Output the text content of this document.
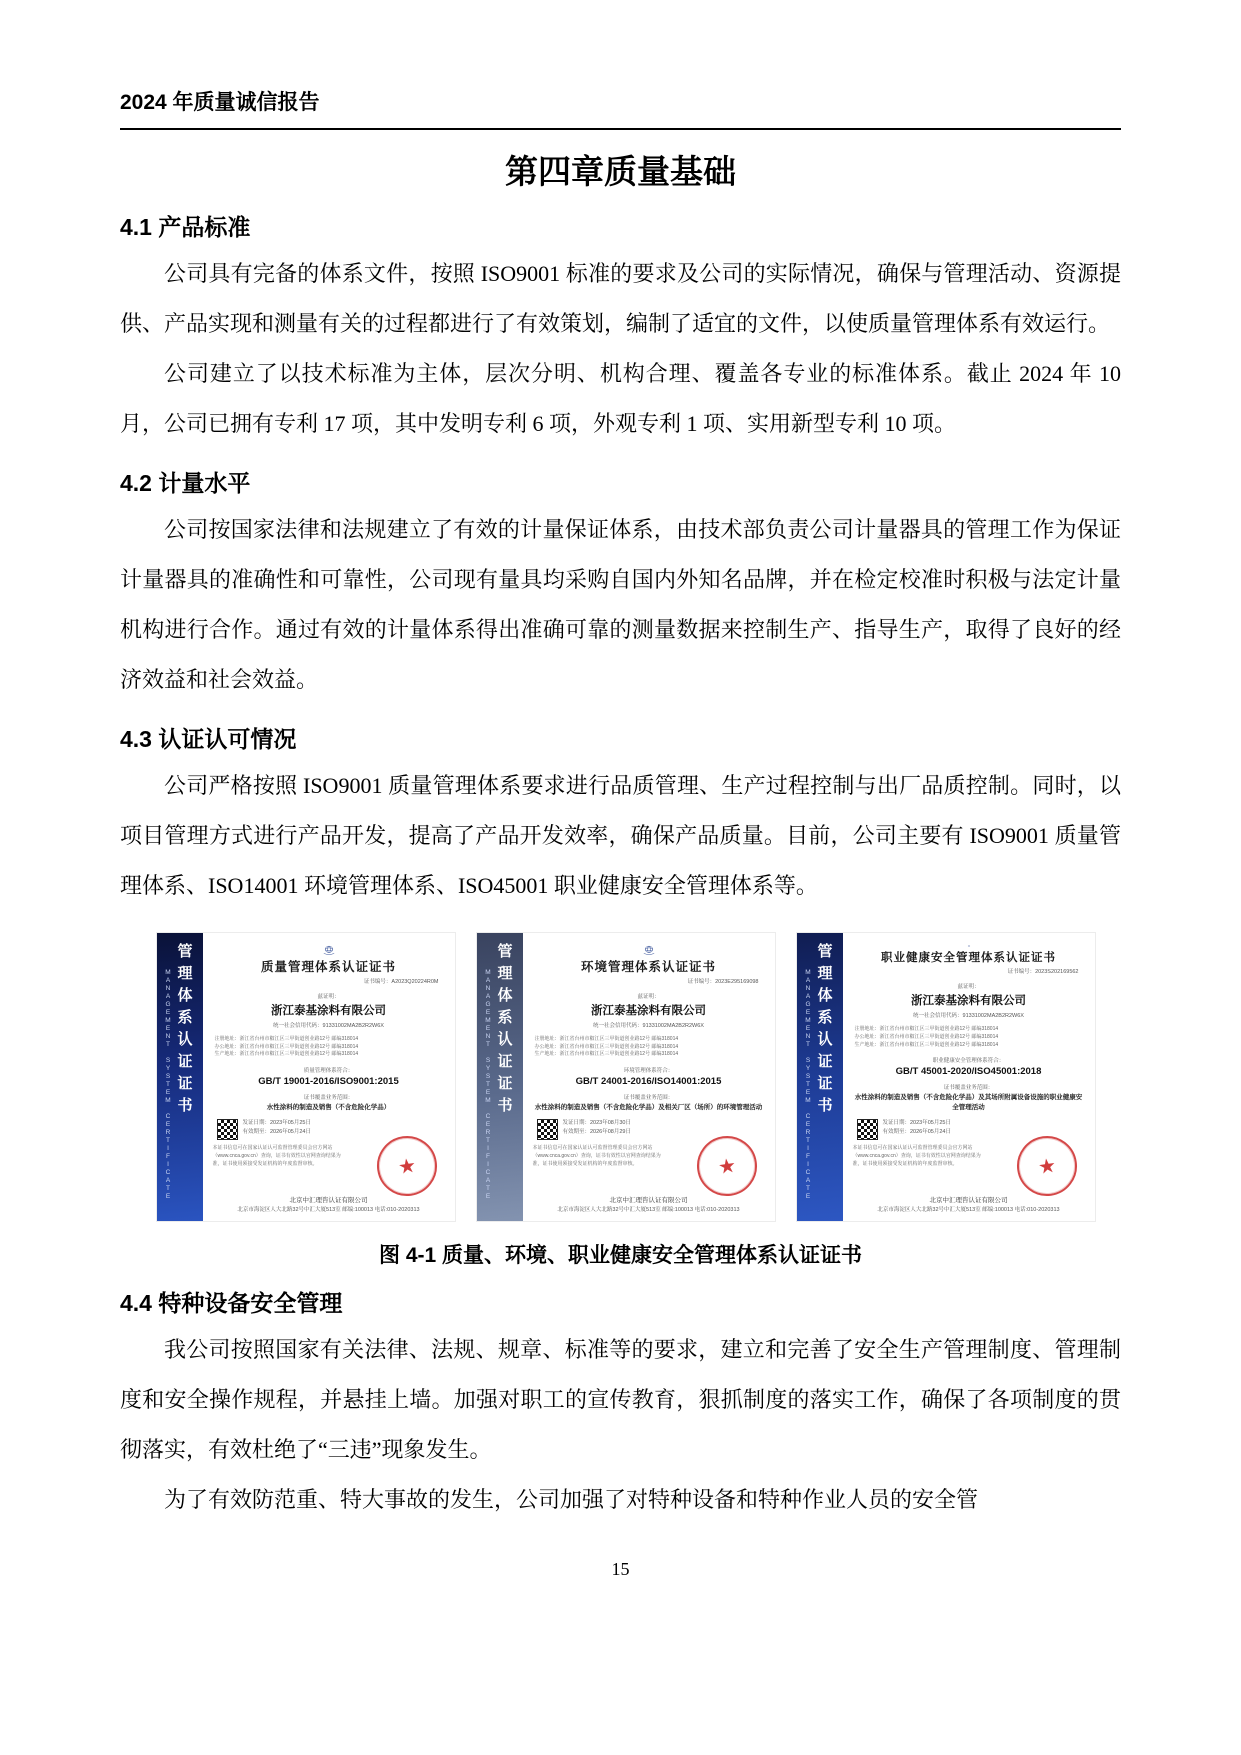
2024 年质量诚信报告
第四章质量基础
4.1 产品标准

公司具有完备的体系文件，按照 ISO9001 标准的要求及公司的实际情况，确保与管理活动、资源提供、产品实现和测量有关的过程都进行了有效策划，编制了适宜的文件，以使质量管理体系有效运行。

公司建立了以技术标准为主体，层次分明、机构合理、覆盖各专业的标准体系。截止 2024 年 10 月，公司已拥有专利 17 项，其中发明专利 6 项，外观专利 1 项、实用新型专利 10 项。

4.2 计量水平

公司按国家法律和法规建立了有效的计量保证体系，由技术部负责公司计量器具的管理工作为保证计量器具的准确性和可靠性，公司现有量具均采购自国内外知名品牌，并在检定校准时积极与法定计量机构进行合作。通过有效的计量体系得出准确可靠的测量数据来控制生产、指导生产，取得了良好的经济效益和社会效益。

4.3 认证认可情况

公司严格按照 ISO9001 质量管理体系要求进行品质管理、生产过程控制与出厂品质控制。同时，以项目管理方式进行产品开发，提高了产品开发效率，确保产品质量。目前，公司主要有 ISO9001 质量管理体系、ISO14001 环境管理体系、ISO45001 职业健康安全管理体系等。

MANAGEMENT SYSTEM CERTIFICATE 管理体系认证证书	质量管理体系认证证书
证书编号：A2023Q20224R0M
兹证明：
浙江泰基涂料有限公司
统一社会信用代码：91331002MA2B2R2W6X
注册地址：浙江省台州市椒江区三甲街道创业路12号 邮编318014
办公地址：浙江省台州市椒江区三甲街道创业路12号 邮编318014
生产地址：浙江省台州市椒江区三甲街道创业路12号 邮编318014
质量管理体系符合：
GB/T 19001-2016/ISO9001:2015
证书覆盖业务范围：
水性涂料的制造及销售（不含危险化学品）
发证日期：2023年05月25日
有效期至：2026年05月24日
本证书信息可在国家认证认可监督管理委员会官方网站（www.cnca.gov.cn）查询，证书有效性以官网查询结果为准，证书使用须接受发证机构的年度监督审核。	★
北京中汇理咨认证有限公司
北京市海淀区人大北路32号中汇大厦513室 邮编:100013 电话:010-2020313
MANAGEMENT SYSTEM CERTIFICATE 管理体系认证证书	环境管理体系认证证书
证书编号：2023E295169098
兹证明：
浙江泰基涂料有限公司
统一社会信用代码：91331002MA2B2R2W6X
注册地址：浙江省台州市椒江区三甲街道创业路12号 邮编318014
办公地址：浙江省台州市椒江区三甲街道创业路12号 邮编318014
生产地址：浙江省台州市椒江区三甲街道创业路12号 邮编318014
环境管理体系符合：
GB/T 24001-2016/ISO14001:2015
证书覆盖业务范围：
水性涂料的制造及销售（不含危险化学品）及相关厂区（场所）的环境管理活动
发证日期：2023年08月30日
有效期至：2026年08月29日
本证书信息可在国家认证认可监督管理委员会官方网站（www.cnca.gov.cn）查询，证书有效性以官网查询结果为准，证书使用须接受发证机构的年度监督审核。	★
北京中汇理咨认证有限公司
北京市海淀区人大北路32号中汇大厦513室 邮编:100013 电话:010-2020313
MANAGEMENT SYSTEM CERTIFICATE 管理体系认证证书	职业健康安全管理体系认证证书
证书编号：2023S202169562
兹证明：
浙江泰基涂料有限公司
统一社会信用代码：91331002MA2B2R2W6X
注册地址：浙江省台州市椒江区三甲街道创业路12号 邮编318014
办公地址：浙江省台州市椒江区三甲街道创业路12号 邮编318014
生产地址：浙江省台州市椒江区三甲街道创业路12号 邮编318014
职业健康安全管理体系符合：
GB/T 45001-2020/ISO45001:2018
证书覆盖业务范围：
水性涂料的制造及销售（不含危险化学品）及其场所附属设备设施的职业健康安全管理活动
发证日期：2023年05月25日
有效期至：2026年05月24日
本证书信息可在国家认证认可监督管理委员会官方网站（www.cnca.gov.cn）查询，证书有效性以官网查询结果为准，证书使用须接受发证机构的年度监督审核。	★
北京中汇理咨认证有限公司
北京市海淀区人大北路32号中汇大厦513室 邮编:100013 电话:010-2020313
图 4-1 质量、环境、职业健康安全管理体系认证证书
4.4 特种设备安全管理

我公司按照国家有关法律、法规、规章、标准等的要求，建立和完善了安全生产管理制度、管理制度和安全操作规程，并悬挂上墙。加强对职工的宣传教育，狠抓制度的落实工作，确保了各项制度的贯彻落实，有效杜绝了“三违”现象发生。

为了有效防范重、特大事故的发生，公司加强了对特种设备和特种作业人员的安全管

15
